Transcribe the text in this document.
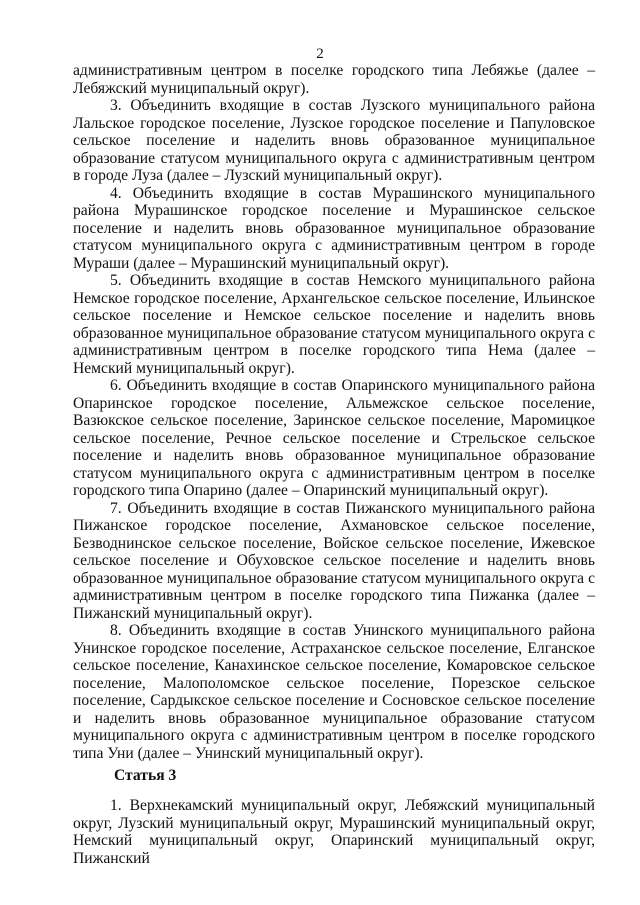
2

административным центром в поселке городского типа Лебяжье (далее – Лебяжский муниципальный округ).

3. Объединить входящие в состав Лузского муниципального района Лальское городское поселение, Лузское городское поселение и Папуловское сельское поселение и наделить вновь образованное муниципальное образование статусом муниципального округа с административным центром в городе Луза (далее – Лузский муниципальный округ).

4. Объединить входящие в состав Мурашинского муниципального района Мурашинское городское поселение и Мурашинское сельское поселение и наделить вновь образованное муниципальное образование статусом муниципального округа с административным центром в городе Мураши (далее – Мурашинский муниципальный округ).

5. Объединить входящие в состав Немского муниципального района Немское городское поселение, Архангельское сельское поселение, Ильинское сельское поселение и Немское сельское поселение и наделить вновь образованное муниципальное образование статусом муниципального округа с административным центром в поселке городского типа Нема (далее – Немский муниципальный округ).

6. Объединить входящие в состав Опаринского муниципального района Опаринское городское поселение, Альмежское сельское поселение, Вазюкское сельское поселение, Заринское сельское поселение, Маромицкое сельское поселение, Речное сельское поселение и Стрельское сельское поселение и наделить вновь образованное муниципальное образование статусом муниципального округа с административным центром в поселке городского типа Опарино (далее – Опаринский муниципальный округ).

7. Объединить входящие в состав Пижанского муниципального района Пижанское городское поселение, Ахмановское сельское поселение, Безводнинское сельское поселение, Войское сельское поселение, Ижевское сельское поселение и Обуховское сельское поселение и наделить вновь образованное муниципальное образование статусом муниципального округа с административным центром в поселке городского типа Пижанка (далее – Пижанский муниципальный округ).

8. Объединить входящие в состав Унинского муниципального района Унинское городское поселение, Астраханское сельское поселение, Елганское сельское поселение, Канахинское сельское поселение, Комаровское сельское поселение, Малополомское сельское поселение, Порезское сельское поселение, Сардыкское сельское поселение и Сосновское сельское поселение и наделить вновь образованное муниципальное образование статусом муниципального округа с административным центром в поселке городского типа Уни (далее – Унинский муниципальный округ).

Статья 3

1. Верхнекамский муниципальный округ, Лебяжский муниципальный округ, Лузский муниципальный округ, Мурашинский муниципальный округ, Немский муниципальный округ, Опаринский муниципальный округ, Пижанский
